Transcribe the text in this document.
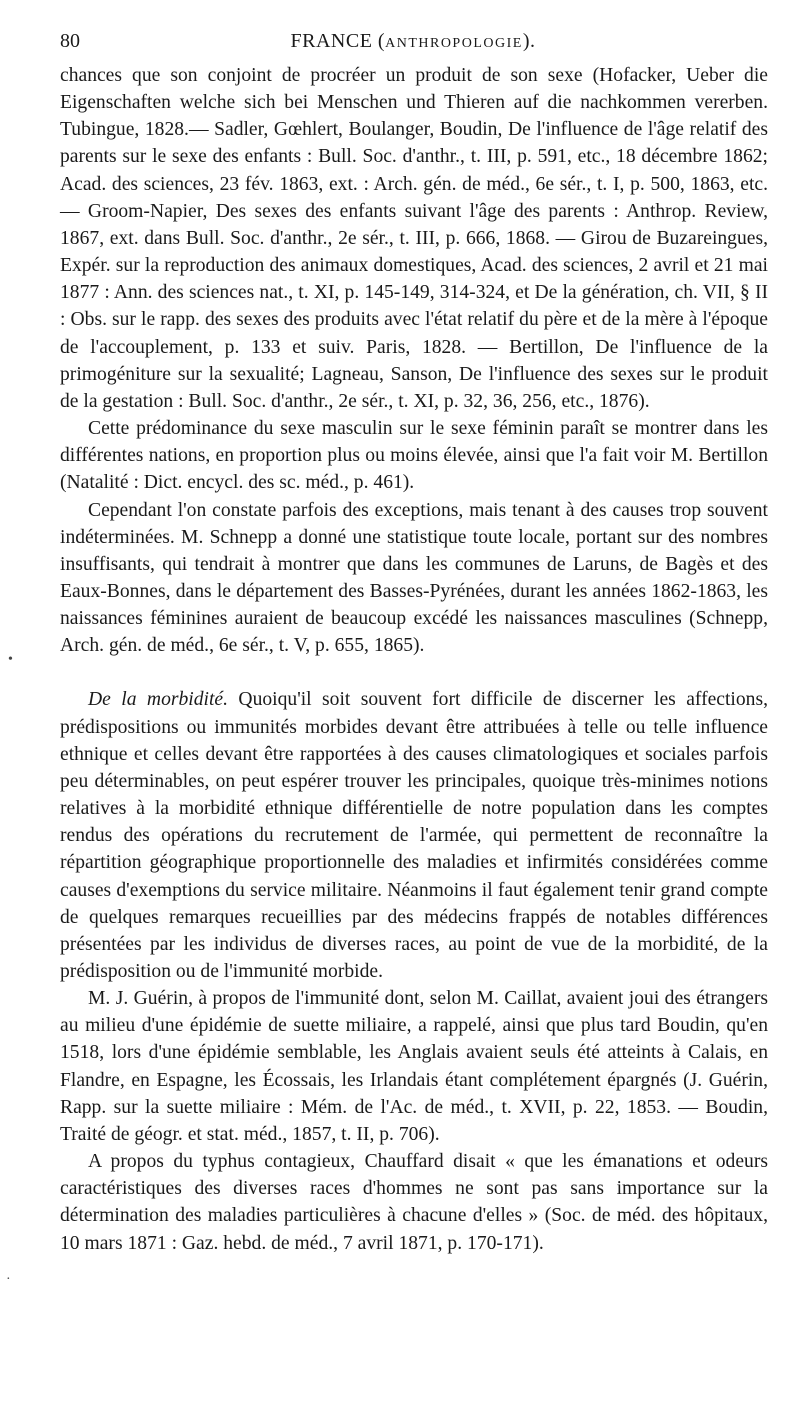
80	FRANCE (ANTHROPOLOGIE).

chances que son conjoint de procréer un produit de son sexe (Hofacker, Ueber die Eigenschaften welche sich bei Menschen und Thieren auf die nachkommen vererben. Tubingue, 1828.— Sadler, Gœhlert, Boulanger, Boudin, De l'influence de l'âge relatif des parents sur le sexe des enfants : Bull. Soc. d'anthr., t. III, p. 591, etc., 18 décembre 1862; Acad. des sciences, 23 fév. 1863, ext. : Arch. gén. de méd., 6e sér., t. I, p. 500, 1863, etc. — Groom-Napier, Des sexes des enfants suivant l'âge des parents : Anthrop. Review, 1867, ext. dans Bull. Soc. d'anthr., 2e sér., t. III, p. 666, 1868. — Girou de Buzareingues, Expér. sur la reproduction des animaux domestiques, Acad. des sciences, 2 avril et 21 mai 1877 : Ann. des sciences nat., t. XI, p. 145-149, 314-324, et De la génération, ch. VII, § II : Obs. sur le rapp. des sexes des produits avec l'état relatif du père et de la mère à l'époque de l'accouplement, p. 133 et suiv. Paris, 1828. — Bertillon, De l'influence de la primogéniture sur la sexualité; Lagneau, Sanson, De l'influence des sexes sur le produit de la gestation : Bull. Soc. d'anthr., 2e sér., t. XI, p. 32, 36, 256, etc., 1876).

Cette prédominance du sexe masculin sur le sexe féminin paraît se montrer dans les différentes nations, en proportion plus ou moins élevée, ainsi que l'a fait voir M. Bertillon (Natalité : Dict. encycl. des sc. méd., p. 461).

Cependant l'on constate parfois des exceptions, mais tenant à des causes trop souvent indéterminées. M. Schnepp a donné une statistique toute locale, portant sur des nombres insuffisants, qui tendrait à montrer que dans les communes de Laruns, de Bagès et des Eaux-Bonnes, dans le département des Basses-Pyrénées, durant les années 1862-1863, les naissances féminines auraient de beaucoup excédé les naissances masculines (Schnepp, Arch. gén. de méd., 6e sér., t. V, p. 655, 1865).

De la morbidité. Quoiqu'il soit souvent fort difficile de discerner les affections, prédispositions ou immunités morbides devant être attribuées à telle ou telle influence ethnique et celles devant être rapportées à des causes climatologiques et sociales parfois peu déterminables, on peut espérer trouver les principales, quoique très-minimes notions relatives à la morbidité ethnique différentielle de notre population dans les comptes rendus des opérations du recrutement de l'armée, qui permettent de reconnaître la répartition géographique proportionnelle des maladies et infirmités considérées comme causes d'exemptions du service militaire. Néanmoins il faut également tenir grand compte de quelques remarques recueillies par des médecins frappés de notables différences présentées par les individus de diverses races, au point de vue de la morbidité, de la prédisposition ou de l'immunité morbide.

M. J. Guérin, à propos de l'immunité dont, selon M. Caillat, avaient joui des étrangers au milieu d'une épidémie de suette miliaire, a rappelé, ainsi que plus tard Boudin, qu'en 1518, lors d'une épidémie semblable, les Anglais avaient seuls été atteints à Calais, en Flandre, en Espagne, les Écossais, les Irlandais étant complétement épargnés (J. Guérin, Rapp. sur la suette miliaire : Mém. de l'Ac. de méd., t. XVII, p. 22, 1853. — Boudin, Traité de géogr. et stat. méd., 1857, t. II, p. 706).

A propos du typhus contagieux, Chauffard disait « que les émanations et odeurs caractéristiques des diverses races d'hommes ne sont pas sans importance sur la détermination des maladies particulières à chacune d'elles » (Soc. de méd. des hôpitaux, 10 mars 1871 : Gaz. hebd. de méd., 7 avril 1871, p. 170-171).

•
·
